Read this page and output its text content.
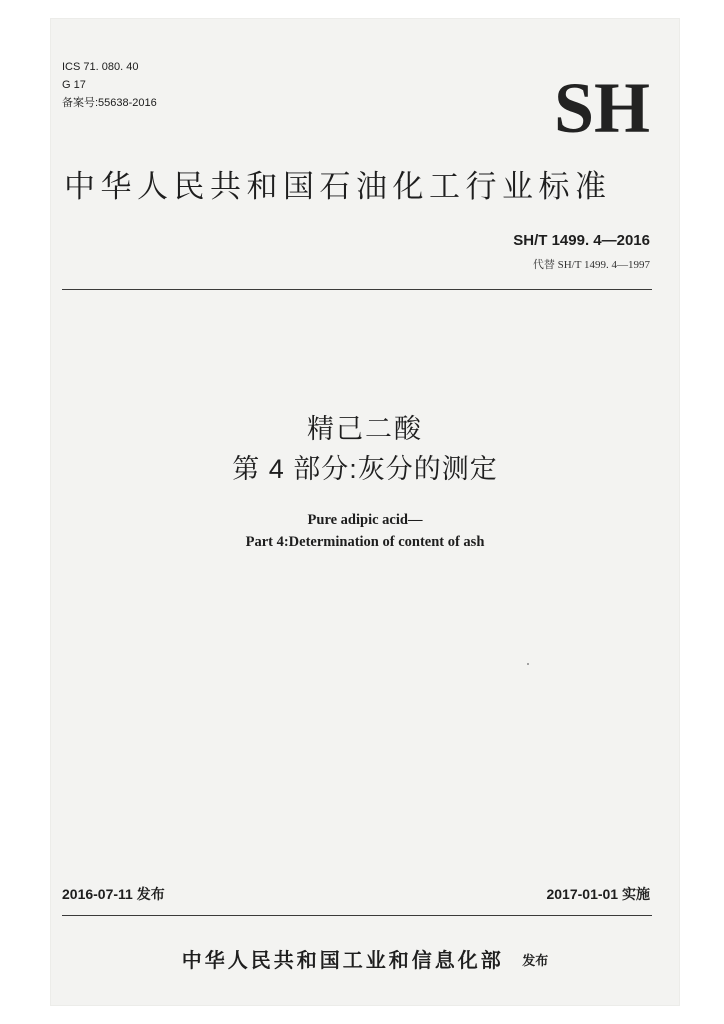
ICS 71. 080. 40
G 17
备案号:55638-2016	SH
中华人民共和国石油化工行业标准
SH/T 1499. 4—2016
代替 SH/T 1499. 4—1997
精己二酸
第 4 部分:灰分的测定
Pure adipic acid—
Part 4:Determination of content of ash
2016-07-11 发布	2017-01-01 实施
中华人民共和国工业和信息化部 发布
